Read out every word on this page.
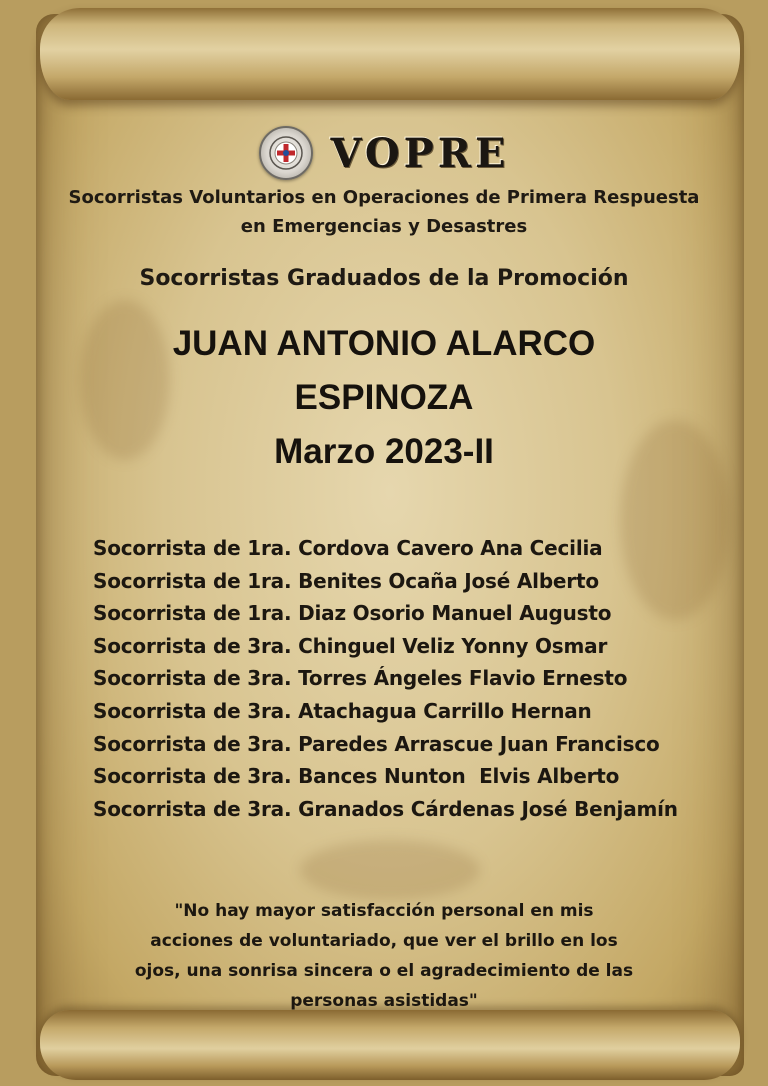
VOPRE
Socorristas Voluntarios en Operaciones de Primera Respuesta
en Emergencias y Desastres
Socorristas Graduados de la Promoción
JUAN ANTONIO ALARCO
ESPINOZA
Marzo 2023-II
Socorrista de 1ra. Cordova Cavero Ana Cecilia
Socorrista de 1ra. Benites Ocaña José Alberto
Socorrista de 1ra. Diaz Osorio Manuel Augusto
Socorrista de 3ra. Chinguel Veliz Yonny Osmar
Socorrista de 3ra. Torres Ángeles Flavio Ernesto
Socorrista de 3ra. Atachagua Carrillo Hernan
Socorrista de 3ra. Paredes Arrascue Juan Francisco
Socorrista de 3ra. Bances Nunton  Elvis Alberto
Socorrista de 3ra. Granados Cárdenas José Benjamín
"No hay mayor satisfacción personal en mis acciones de voluntariado, que ver el brillo en los ojos, una sonrisa sincera o el agradecimiento de las personas asistidas"
